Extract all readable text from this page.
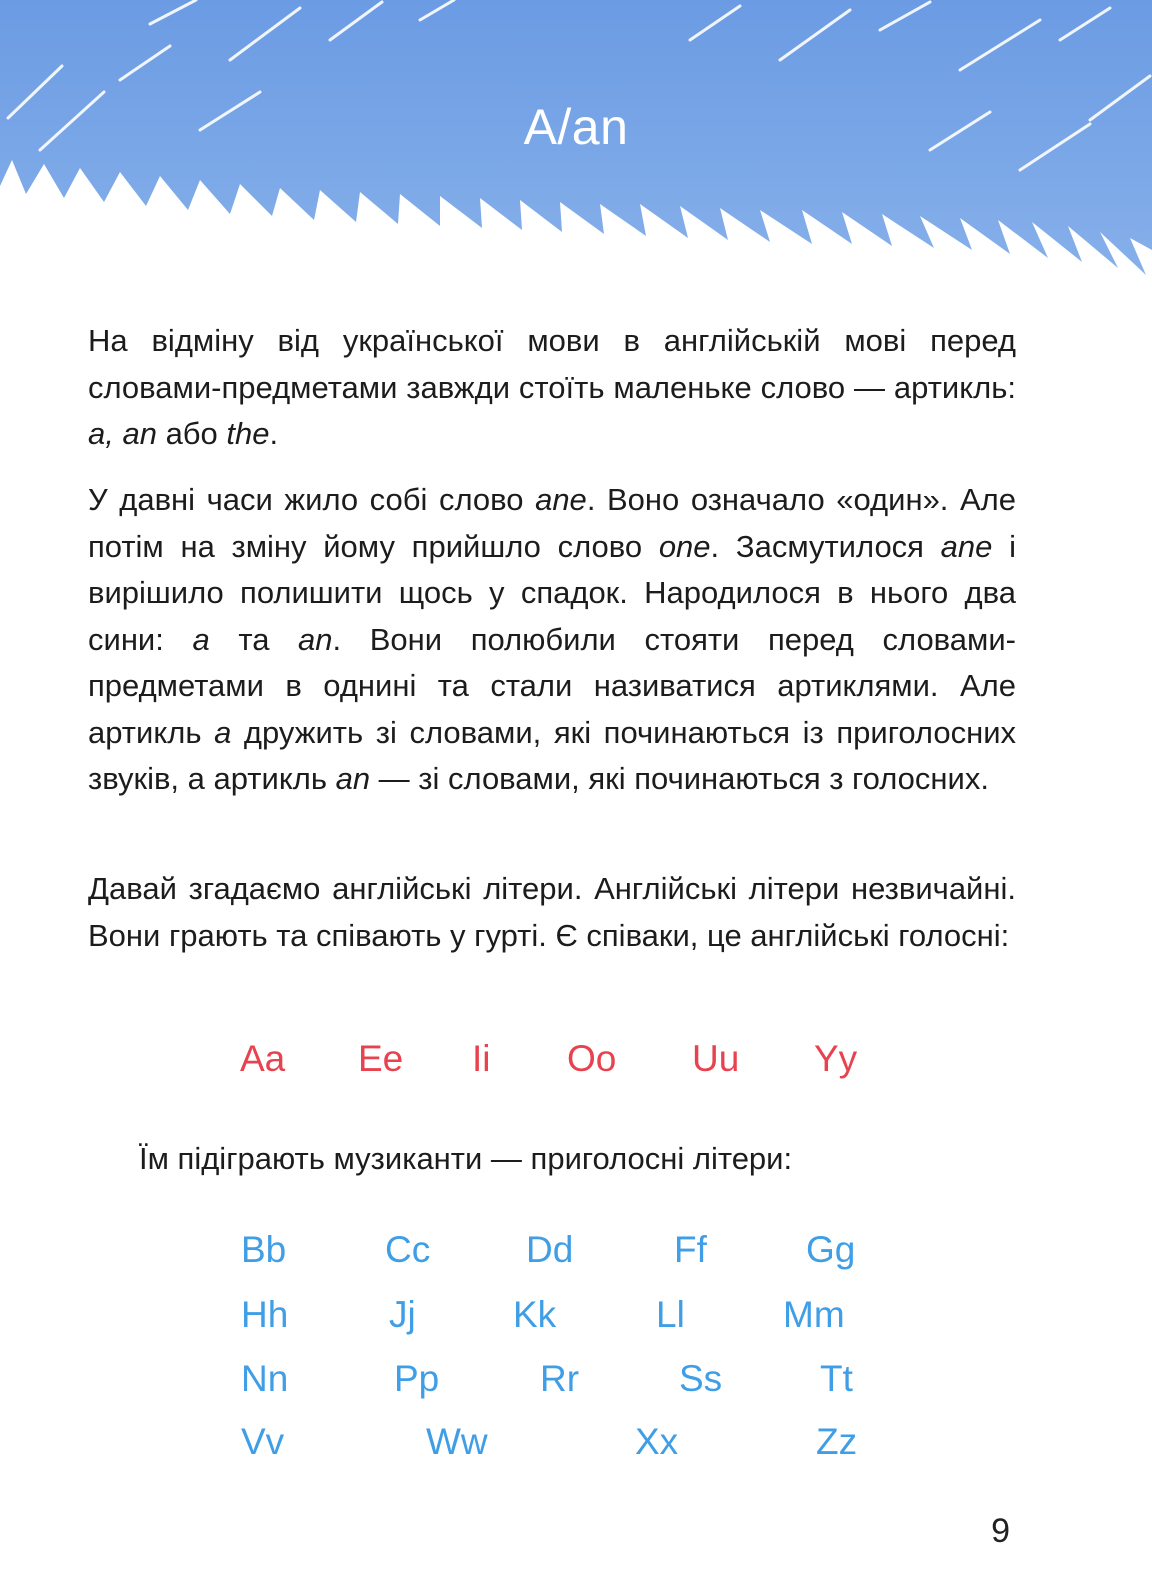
A/an

На відміну від української мови в англійській мові перед словами-предметами завжди стоїть маленьке слово — артикль: a, an або the.

У давні часи жило собі слово ane. Воно означало «один». Але потім на зміну йому прийшло слово one. Засмутилося ane і вирішило полишити щось у спадок. Народилося в нього два сини: a та an. Вони полюбили стояти перед словами-предметами в однині та стали називатися артиклями. Але артикль a дружить зі словами, які починаються із приголосних звуків, а артикль an — зі словами, які починаються з голосних.

Давай згадаємо англійські літери. Англійські літери незвичайні. Вони грають та співають у гурті. Є співаки, це англійські голосні:

Aa Ee Ii Oo Uu Yy

Їм підіграють музиканти — приголосні літери:

Bb	Cc	Dd	Ff	Gg
Hh	Jj	Kk	Ll	Mm
Nn	Pp	Rr	Ss	Tt
Vv	Ww	Xx	Zz
9
